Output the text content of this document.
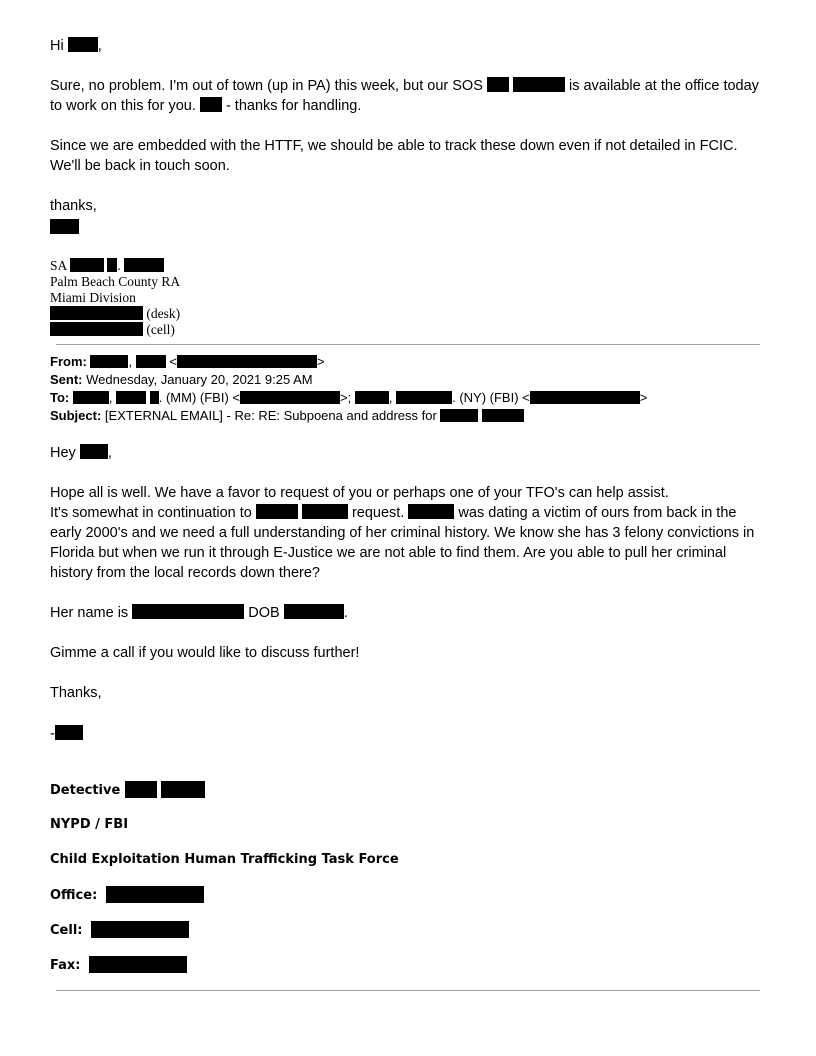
Hi ,
Sure, no problem. I'm out of town (up in PA) this week, but our SOS	is available at the office today
to work on this for you. - thanks for handling.
Since we are embedded with the HTTF, we should be able to track these down even if not detailed in FCIC.
We'll be back in touch soon.
thanks,
SA	.
Palm Beach County RA
Miami Division
(desk)
(cell)
From:	,	<	>
Sent: Wednesday, January 20, 2021 9:25 AM
To:	,	. (MM) (FBI) <	>;	,	. (NY) (FBI) <	>
Subject: [EXTERNAL EMAIL] - Re: RE: Subpoena and address for
Hey ,
Hope all is well. We have a favor to request of you or perhaps one of your TFO's can help assist.
It's somewhat in continuation to	request.	was dating a victim of ours from back in the
early 2000's and we need a full understanding of her criminal history. We know she has 3 felony convictions in
Florida but when we run it through E-Justice we are not able to find them. Are you able to pull her criminal
history from the local records down there?
Her name is	DOB	.
Gimme a call if you would like to discuss further!
Thanks,
-
Detective
NYPD / FBI
Child Exploitation Human Trafficking Task Force
Office:
Cell:
Fax:
